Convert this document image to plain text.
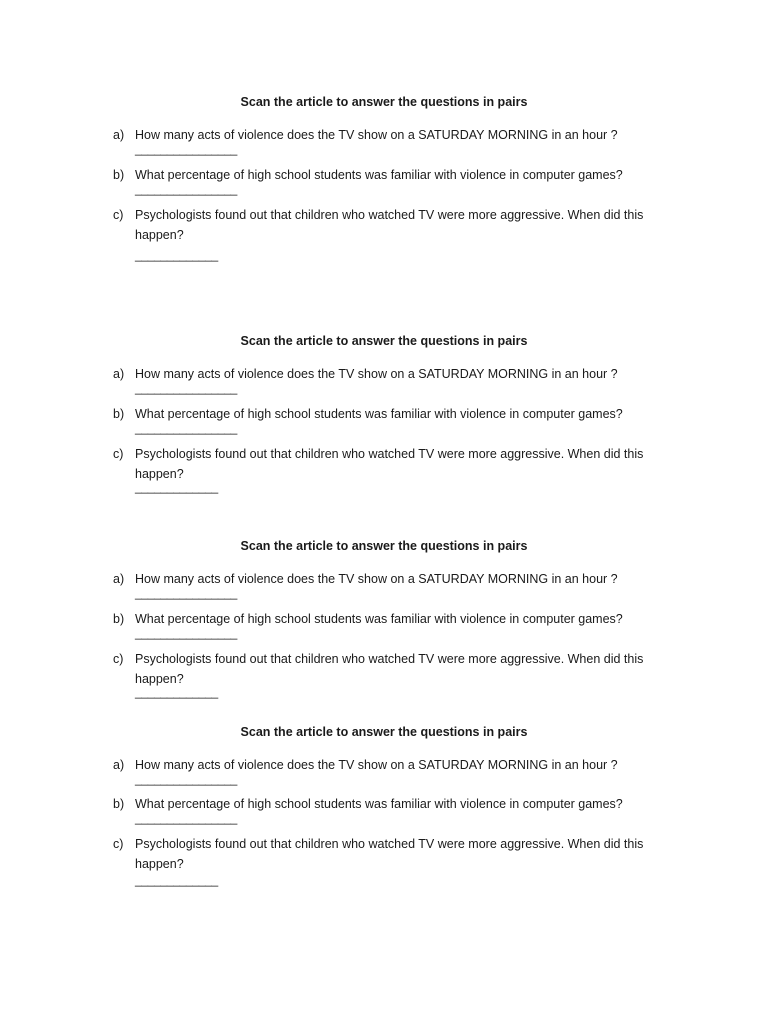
Scan the article to answer the questions in pairs
a) How many acts of violence does the TV show on a SATURDAY MORNING in an hour ?
________________
b) What percentage of high school students was familiar with violence in computer games?
________________
c) Psychologists found out that children who watched TV were more aggressive. When did this happen?
_____________
Scan the article to answer the questions in pairs
a) How many acts of violence does the TV show on a SATURDAY MORNING in an hour ?
________________
b) What percentage of high school students was familiar with violence in computer games?
________________
c) Psychologists found out that children who watched TV were more aggressive. When did this happen?
_____________
Scan the article to answer the questions in pairs
a) How many acts of violence does the TV show on a SATURDAY MORNING in an hour ?
________________
b) What percentage of high school students was familiar with violence in computer games?
________________
c) Psychologists found out that children who watched TV were more aggressive. When did this happen?
_____________
Scan the article to answer the questions in pairs
a) How many acts of violence does the TV show on a SATURDAY MORNING in an hour ?
________________
b) What percentage of high school students was familiar with violence in computer games?
________________
c) Psychologists found out that children who watched TV were more aggressive. When did this happen?
_____________
